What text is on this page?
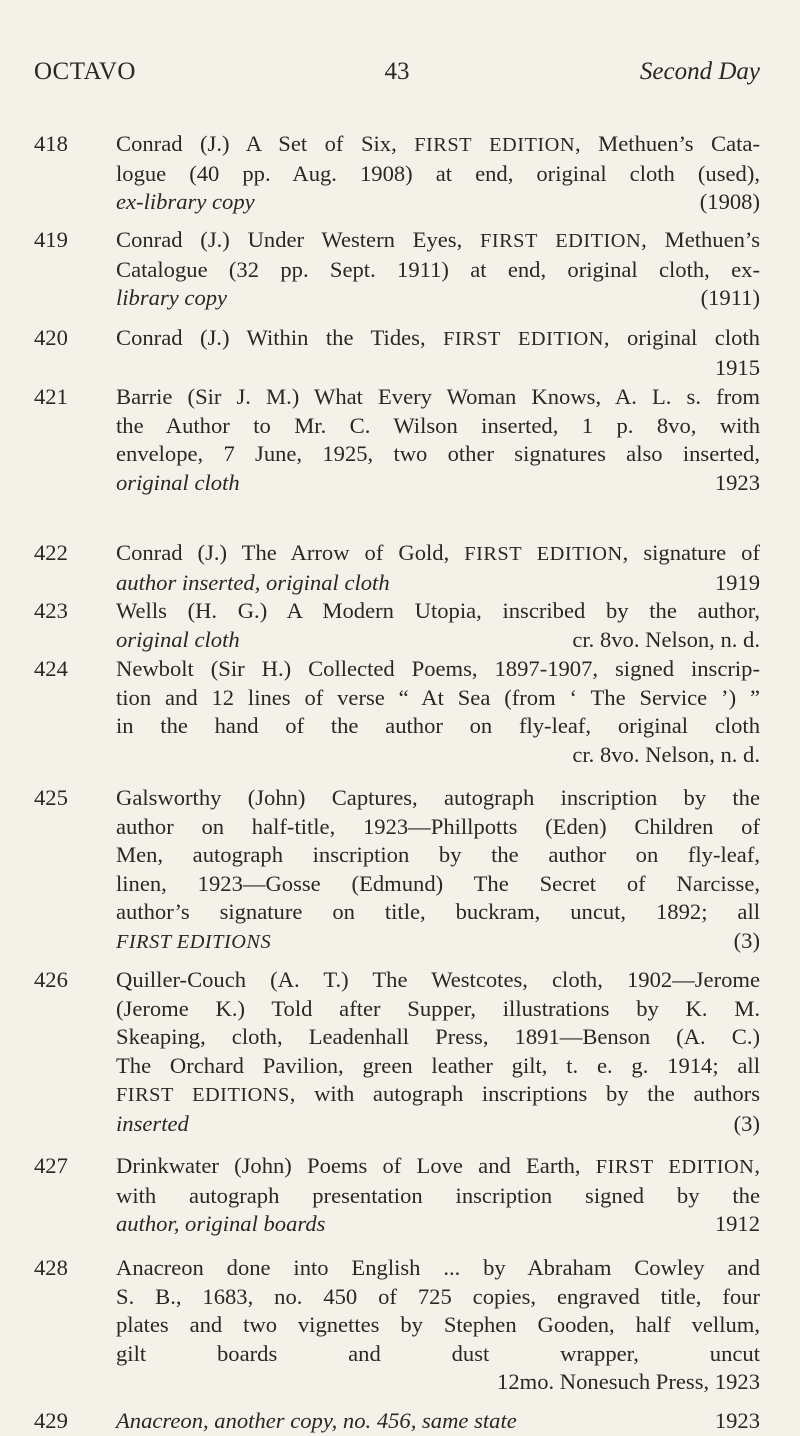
OCTAVO	43	Second Day
418	Conrad (J.) A Set of Six, FIRST EDITION, Methuen’s Cata-
logue (40 pp. Aug. 1908) at end, original cloth (used),
ex-library copy	(1908)
419	Conrad (J.) Under Western Eyes, FIRST EDITION, Methuen’s
Catalogue (32 pp. Sept. 1911) at end, original cloth, ex-
library copy	(1911)
420	Conrad (J.) Within the Tides, FIRST EDITION, original cloth
1915
421	Barrie (Sir J. M.) What Every Woman Knows, A. L. s. from
the Author to Mr. C. Wilson inserted, 1 p. 8vo, with
envelope, 7 June, 1925, two other signatures also inserted,
original cloth	1923
422	Conrad (J.) The Arrow of Gold, FIRST EDITION, signature of
author inserted, original cloth	1919
423	Wells (H. G.) A Modern Utopia, inscribed by the author,
original cloth	cr. 8vo. Nelson, n. d.
424	Newbolt (Sir H.) Collected Poems, 1897-1907, signed inscrip-
tion and 12 lines of verse “ At Sea (from ‘ The Service ’) ”
in the hand of the author on fly-leaf, original cloth
cr. 8vo. Nelson, n. d.
425	Galsworthy (John) Captures, autograph inscription by the
author on half-title, 1923—Phillpotts (Eden) Children of
Men, autograph inscription by the author on fly-leaf,
linen, 1923—Gosse (Edmund) The Secret of Narcisse,
author’s signature on title, buckram, uncut, 1892; all
FIRST EDITIONS	(3)
426	Quiller-Couch (A. T.) The Westcotes, cloth, 1902—Jerome
(Jerome K.) Told after Supper, illustrations by K. M.
Skeaping, cloth, Leadenhall Press, 1891—Benson (A. C.)
The Orchard Pavilion, green leather gilt, t. e. g. 1914; all
FIRST EDITIONS, with autograph inscriptions by the authors
inserted	(3)
427	Drinkwater (John) Poems of Love and Earth, FIRST EDITION,
with autograph presentation inscription signed by the
author, original boards	1912
428	Anacreon done into English ... by Abraham Cowley and
S. B., 1683, no. 450 of 725 copies, engraved title, four
plates and two vignettes by Stephen Gooden, half vellum,
gilt boards and dust wrapper, uncut
12mo. Nonesuch Press, 1923
429	Anacreon, another copy, no. 456, same state	1923
